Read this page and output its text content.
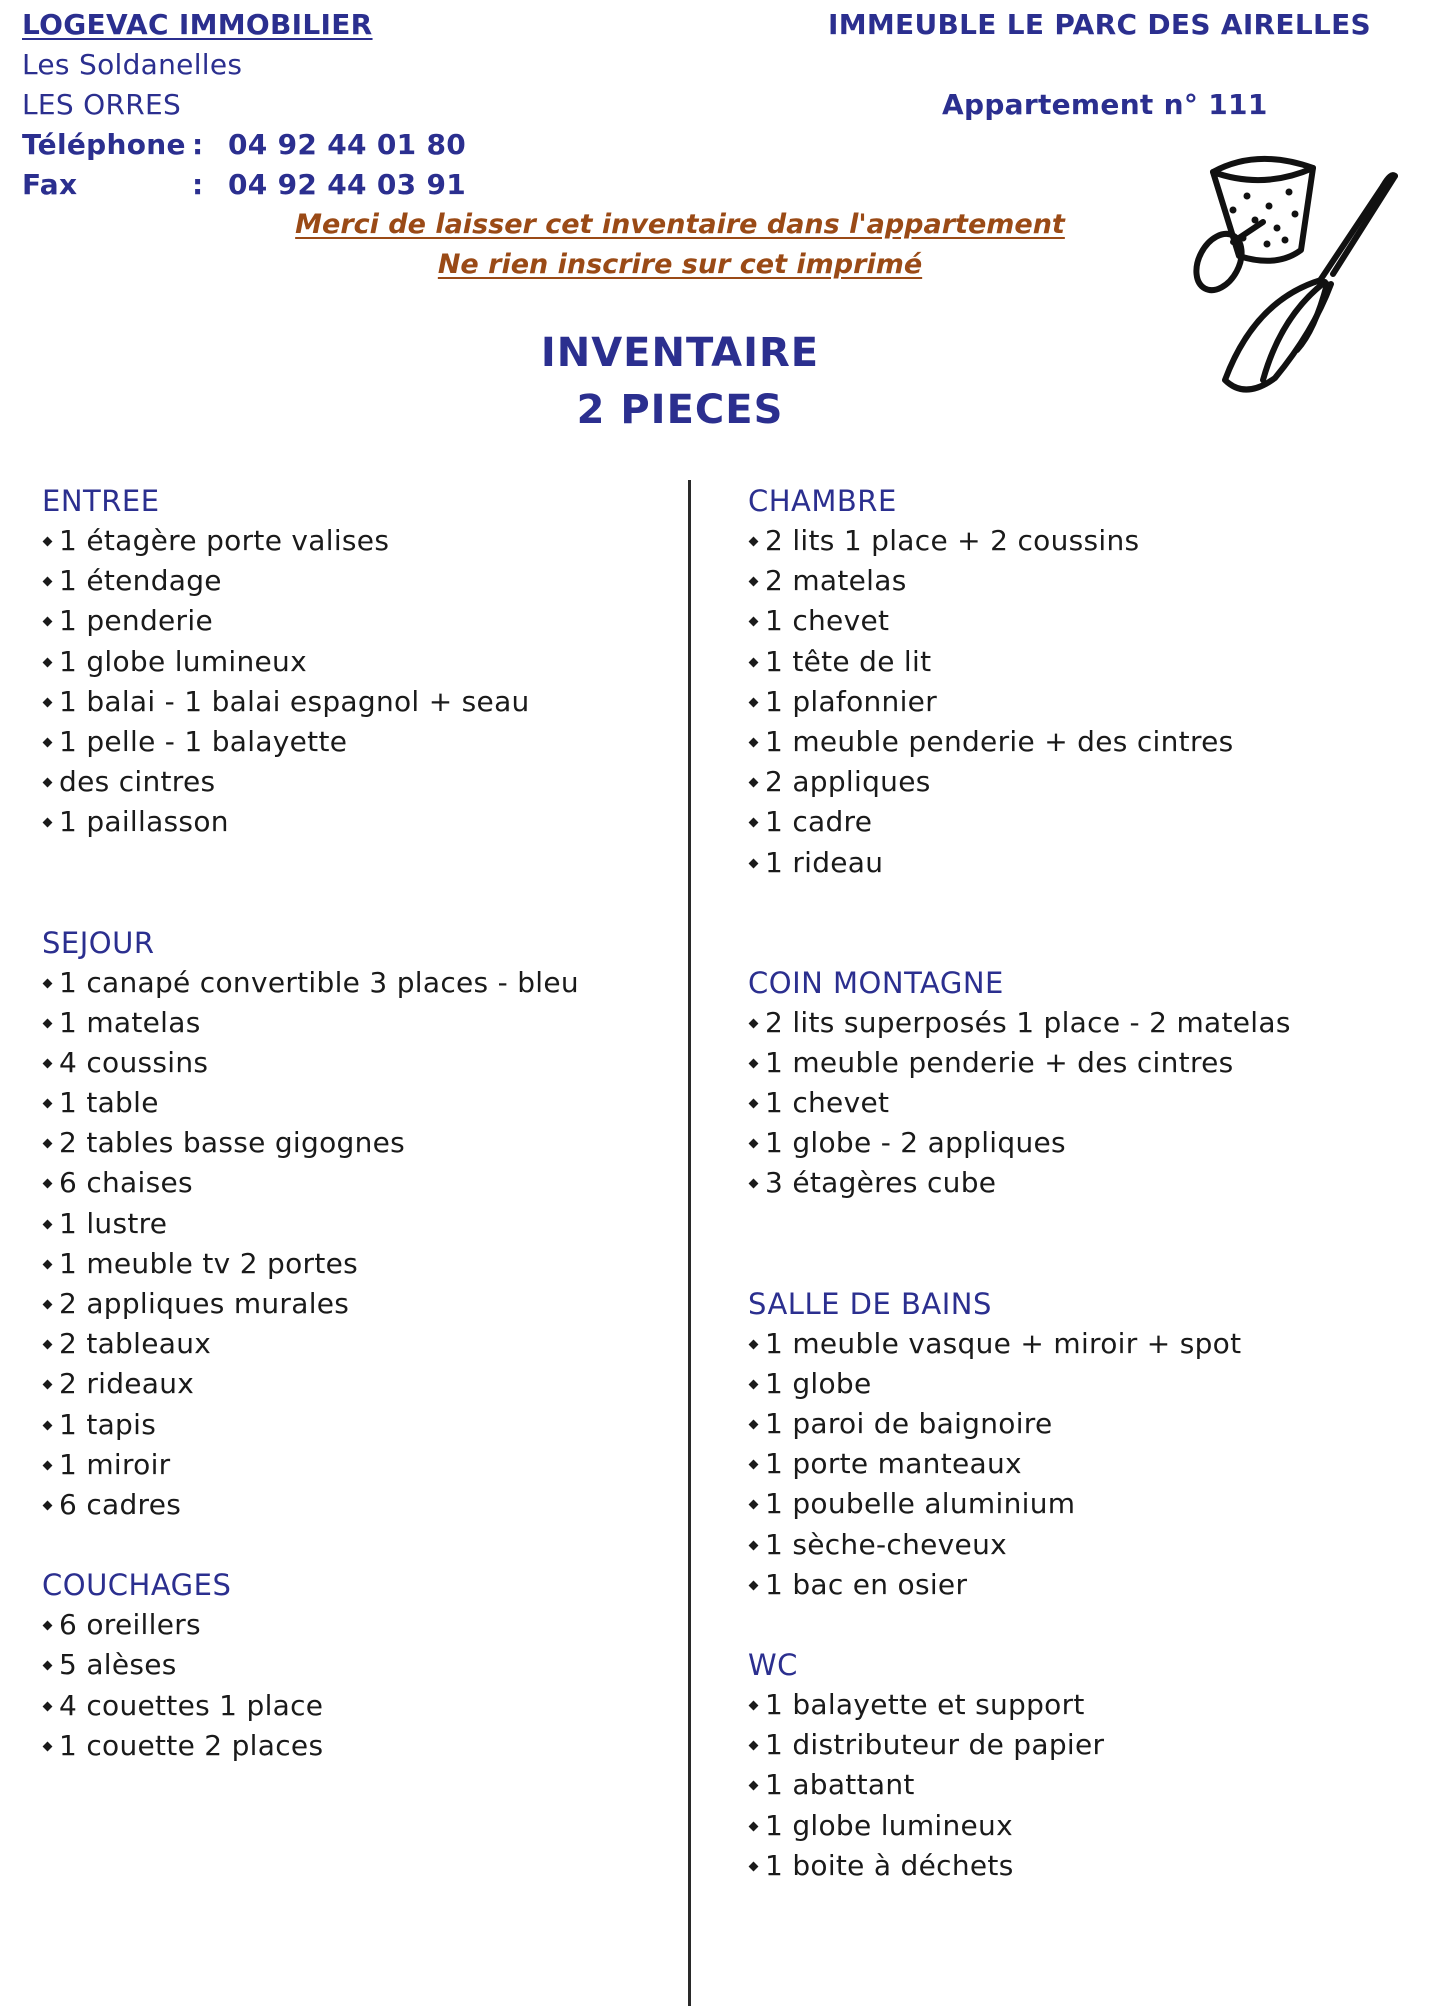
LOGEVAC IMMOBILIER
Les Soldanelles
LES ORRES
Téléphone : 04 92 44 01 80
Fax	: 04 92 44 03 91
IMMEUBLE LE PARC DES AIRELLES
Appartement n° 111
Merci de laisser cet inventaire dans l'appartement
Ne rien inscrire sur cet imprimé
INVENTAIRE
2 PIECES
ENTREE
1 étagère porte valises
1 étendage
1 penderie
1 globe lumineux
1 balai - 1 balai espagnol + seau
1 pelle - 1 balayette
des cintres
1 paillasson
SEJOUR
1 canapé convertible 3 places - bleu
1 matelas
4 coussins
1 table
2 tables basse gigognes
6 chaises
1 lustre
1 meuble tv 2 portes
2 appliques murales
2 tableaux
2 rideaux
1 tapis
1 miroir
6 cadres
COUCHAGES
6 oreillers
5 alèses
4 couettes 1 place
1 couette 2 places
CHAMBRE
2 lits 1 place + 2 coussins
2 matelas
1 chevet
1 tête de lit
1 plafonnier
1 meuble penderie + des cintres
2 appliques
1 cadre
1 rideau
COIN MONTAGNE
2 lits superposés 1 place - 2 matelas
1 meuble penderie + des cintres
1 chevet
1 globe - 2 appliques
3 étagères cube
SALLE DE BAINS
1 meuble vasque + miroir + spot
1 globe
1 paroi de baignoire
1 porte manteaux
1 poubelle aluminium
1 sèche-cheveux
1 bac en osier
WC
1 balayette et support
1 distributeur de papier
1 abattant
1 globe lumineux
1 boite à déchets
